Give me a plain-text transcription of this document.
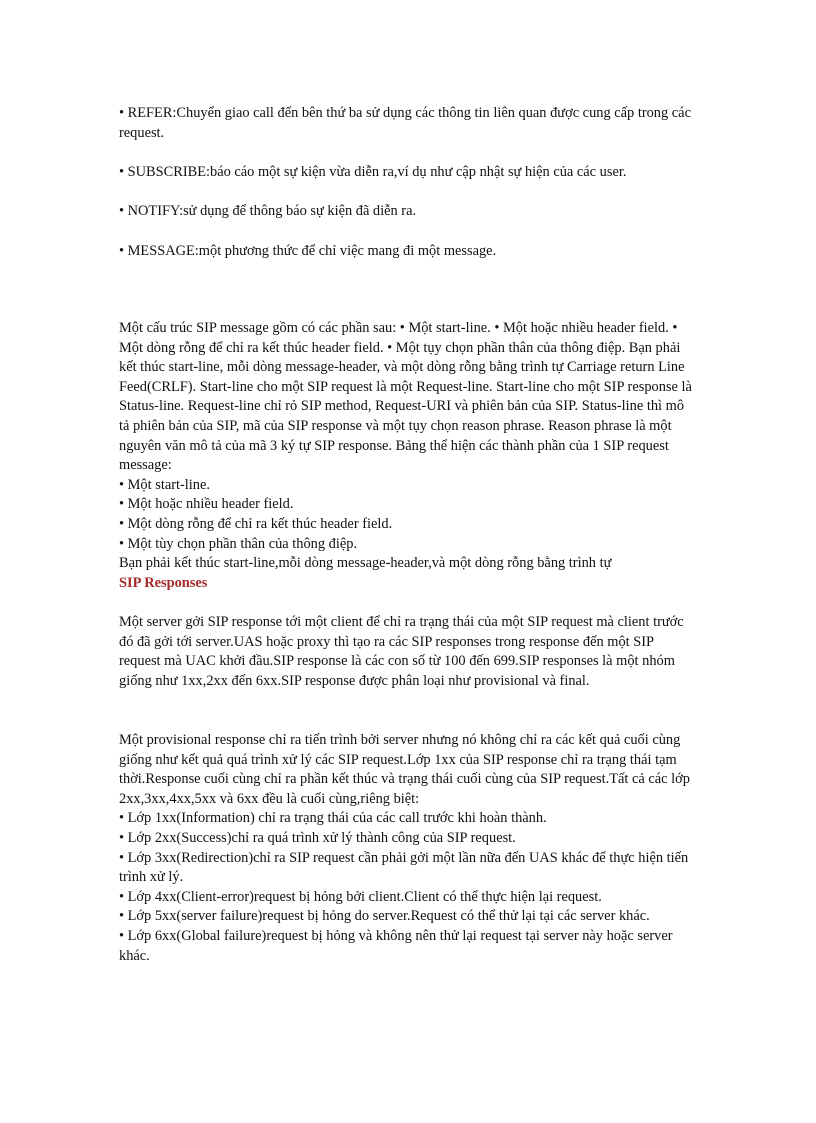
• REFER:Chuyển giao call đến bên thứ ba sử dụng các thông tin liên quan được cung cấp trong các request.

• SUBSCRIBE:báo cáo một sự kiện vừa diễn ra,ví dụ như cập nhật sự hiện của các user.

• NOTIFY:sử dụng để thông báo sự kiện đã diễn ra.

• MESSAGE:một phương thức để chỉ việc mang đi một message.

Một cấu trúc SIP message gồm có các phần sau: • Một start-line. • Một hoặc nhiều header field. • Một dòng rỗng để chỉ ra kết thúc header field. • Một tụy chọn phần thân của thông điệp. Bạn phải kết thúc start-line, mỗi dòng message-header, và một dòng rỗng bằng trình tự Carriage return Line Feed(CRLF). Start-line cho một SIP request là một Request-line. Start-line cho một SIP response là Status-line. Request-line chỉ rỏ SIP method, Request-URI và phiên bản của SIP. Status-line thì mô tả phiên bản của SIP, mã của SIP response và một tụy chọn reason phrase. Reason phrase là một nguyên văn mô tả của mã 3 ký tự SIP response. Bảng thể hiện các thành phần của 1 SIP request message:

• Một start-line.

• Một hoặc nhiều header field.

• Một dòng rỗng để chỉ ra kết thúc header field.

• Một tùy chọn phần thân của thông điệp.

Bạn phải kết thúc start-line,mỗi dòng message-header,và một dòng rỗng bằng trình tự

SIP Responses

Một server gởi SIP response tới một client để chỉ ra trạng thái của một SIP request mà client trước đó đã gởi tới server.UAS hoặc proxy thì tạo ra các SIP responses trong response đến một SIP request mà UAC khởi đầu.SIP response là các con số từ 100 đến 699.SIP responses là một nhóm giống như 1xx,2xx đến 6xx.SIP response được phân loại như provisional và final.

Một provisional response chỉ ra tiến trình bởi server nhưng nó không chỉ ra các kết quả cuối cùng giống như kết quả quá trình xử lý các SIP request.Lớp 1xx của SIP response chỉ ra trạng thái tạm thời.Response cuối cùng chỉ ra phần kết thúc và trạng thái cuối cùng của SIP request.Tất cả các lớp 2xx,3xx,4xx,5xx và 6xx đều là cuối cùng,riêng biệt:

• Lớp 1xx(Information) chỉ ra trạng thái của các call trước khi hoàn thành.

• Lớp 2xx(Success)chỉ ra quá trình xử lý thành công của SIP request.

• Lớp 3xx(Redirection)chỉ ra SIP request cần phải gởi một lần nữa đến UAS khác để thực hiện tiến trình xử lý.

• Lớp 4xx(Client-error)request bị hỏng bởi client.Client có thể thực hiện lại request.

• Lớp 5xx(server failure)request bị hỏng do server.Request có thể thử lại tại các server khác.

• Lớp 6xx(Global failure)request bị hỏng và không nên thử lại request tại server này hoặc server khác.
